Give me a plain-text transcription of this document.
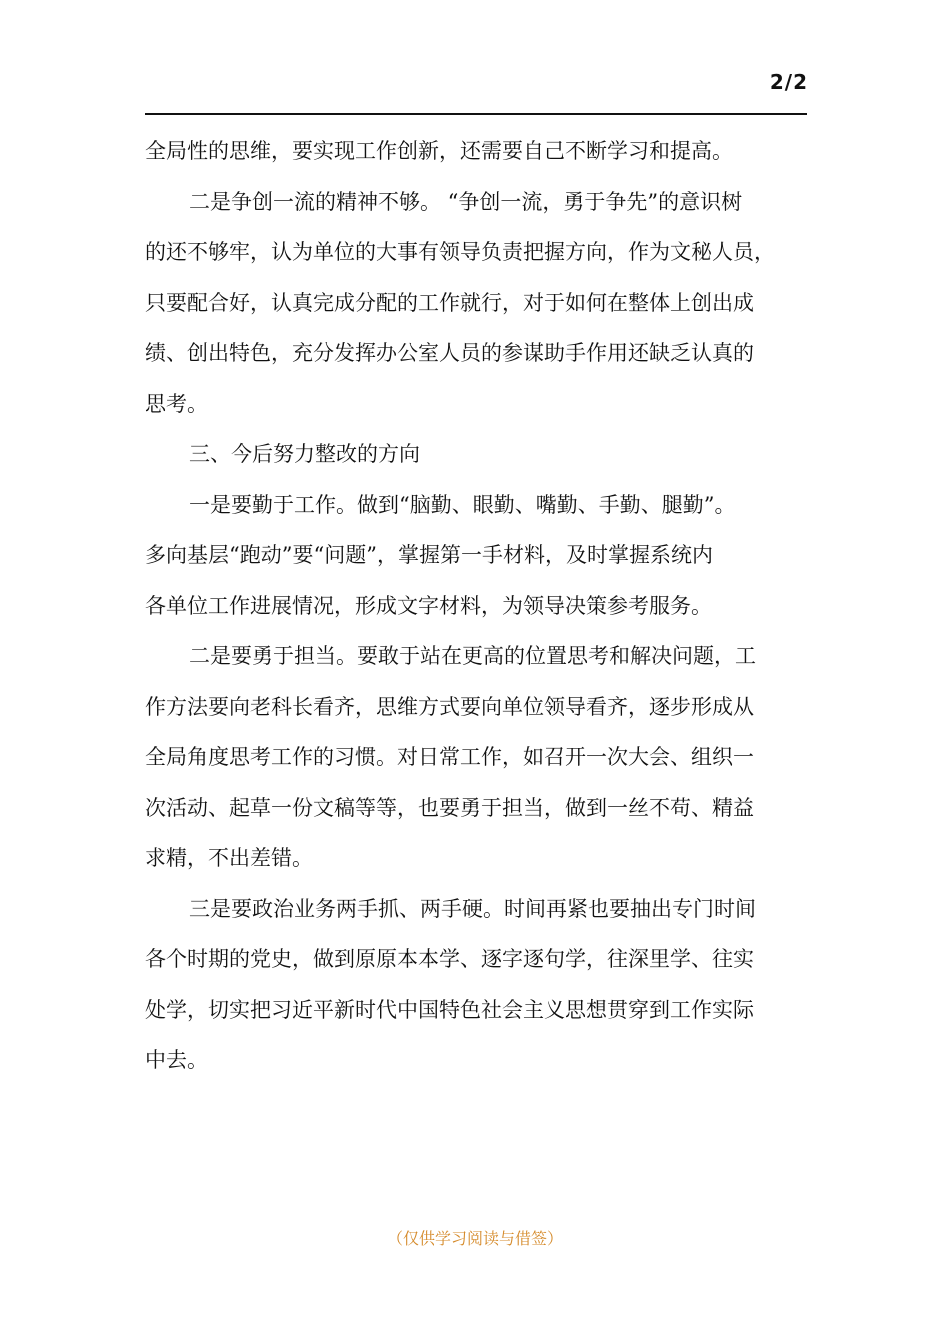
2/2
全局性的思维，要实现工作创新，还需要自己不断学习和提高。
二是争创一流的精神不够。 “争创一流，勇于争先”的意识树
的还不够牢，认为单位的大事有领导负责把握方向，作为文秘人员，
只要配合好，认真完成分配的工作就行，对于如何在整体上创出成
绩、创出特色，充分发挥办公室人员的参谋助手作用还缺乏认真的
思考。
三、今后努力整改的方向
一是要勤于工作。做到“脑勤、眼勤、嘴勤、手勤、腿勤”。
多向基层“跑动”要“问题”，掌握第一手材料，及时掌握系统内
各单位工作进展情况，形成文字材料，为领导决策参考服务。
二是要勇于担当。要敢于站在更高的位置思考和解决问题，工
作方法要向老科长看齐，思维方式要向单位领导看齐，逐步形成从
全局角度思考工作的习惯。对日常工作，如召开一次大会、组织一
次活动、起草一份文稿等等，也要勇于担当，做到一丝不苟、精益
求精，不出差错。
三是要政治业务两手抓、两手硬。时间再紧也要抽出专门时间
各个时期的党史，做到原原本本学、逐字逐句学，往深里学、往实
处学，切实把习近平新时代中国特色社会主义思想贯穿到工作实际
中去。
（仅供学习阅读与借签）
